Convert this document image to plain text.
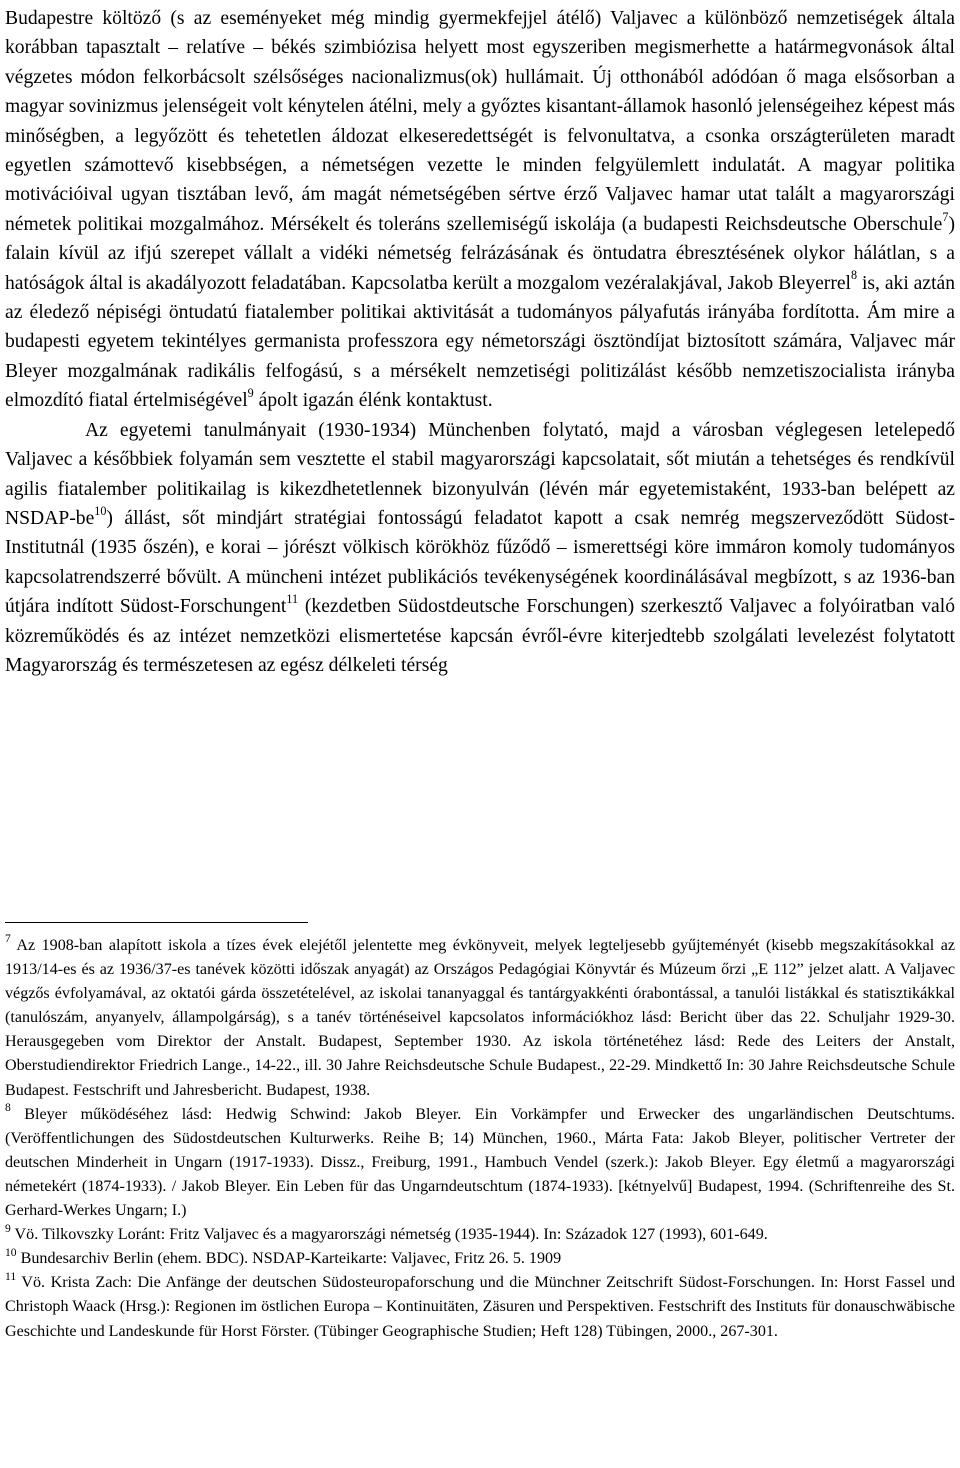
Budapestre költöző (s az eseményeket még mindig gyermekfejjel átélő) Valjavec a különböző nemzetiségek általa korábban tapasztalt – relatíve – békés szimbiózisa helyett most egyszeriben megismerhette a határmegvonások által végzetes módon felkorbácsolt szélsőséges nacionalizmus(ok) hullámait. Új otthonából adódóan ő maga elsősorban a magyar sovinizmus jelenségeit volt kénytelen átélni, mely a győztes kisantant-államok hasonló jelenségeihez képest más minőségben, a legyőzött és tehetetlen áldozat elkeseredettségét is felvonultatva, a csonka országterületen maradt egyetlen számottevő kisebbségen, a németségen vezette le minden felgyülemlett indulatát. A magyar politika motivációival ugyan tisztában levő, ám magát németségében sértve érző Valjavec hamar utat talált a magyarországi németek politikai mozgalmához. Mérsékelt és toleráns szellemiségű iskolája (a budapesti Reichsdeutsche Oberschule$^7$) falain kívül az ifjú szerepet vállalt a vidéki németség felrázásának és öntudatra ébresztésének olykor hálátlan, s a hatóságok által is akadályozott feladatában. Kapcsolatba került a mozgalom vezéralakjával, Jakob Bleyerrel$^8$ is, aki aztán az éledező népiségi öntudatú fiatalember politikai aktivitását a tudományos pályafutás irányába fordította. Ám mire a budapesti egyetem tekintélyes germanista professzora egy németországi ösztöndíjat biztosított számára, Valjavec már Bleyer mozgalmának radikális felfogású, s a mérsékelt nemzetiségi politizálást később nemzetiszocialista irányba elmozdító fiatal értelmiségével$^9$ ápolt igazán élénk kontaktust.

Az egyetemi tanulmányait (1930-1934) Münchenben folytató, majd a városban véglegesen letelepedő Valjavec a későbbiek folyamán sem vesztette el stabil magyarországi kapcsolatait, sőt miután a tehetséges és rendkívül agilis fiatalember politikailag is kikezdhetetlennek bizonyulván (lévén már egyetemistaként, 1933-ban belépett az NSDAP-$be^{10}$) állást, sőt mindjárt stratégiai fontosságú feladatot kapott a csak nemrég megszerveződött Südost-Institutnál (1935 őszén), e korai – jórészt völkisch körökhöz fűződő – ismerettségi köre immáron komoly tudományos kapcsolatrendszerré bővült. A müncheni intézet publikációs tevékenységének koordinálásával megbízott, s az 1936-ban útjára indított Südost-Forschungent$^{11}$ (kezdetben Südostdeutsche Forschungen) szerkesztő Valjavec a folyóiratban való közreműködés és az intézet nemzetközi elismertetése kapcsán évről-évre kiterjedtebb szolgálati levelezést folytatott Magyarország és természetesen az egész délkeleti térség

$^7$ Az 1908-ban alapított iskola a tízes évek elejétől jelentette meg évkönyveit, melyek legteljesebb gyűjteményét (kisebb megszakításokkal az 1913/14-es és az 1936/37-es tanévek közötti időszak anyagát) az Országos Pedagógiai Könyvtár és Múzeum őrzi „E 112” jelzet alatt. A Valjavec végzős évfolyamával, az oktatói gárda összetételével, az iskolai tananyaggal és tantárgyakkénti órabontással, a tanulói listákkal és statisztikákkal (tanulószám, anyanyelv, állampolgárság), s a tanév történéseivel kapcsolatos információkhoz lásd: Bericht über das 22. Schuljahr 1929-30. Herausgegeben vom Direktor der Anstalt. Budapest, September 1930. Az iskola történetéhez lásd: Rede des Leiters der Anstalt, Oberstudiendirektor Friedrich Lange., 14-22., ill. 30 Jahre Reichsdeutsche Schule Budapest., 22-29. Mindkettő In: 30 Jahre Reichsdeutsche Schule Budapest. Festschrift und Jahresbericht. Budapest, 1938.

$^8$ Bleyer működéséhez lásd: Hedwig Schwind: Jakob Bleyer. Ein Vorkämpfer und Erwecker des ungarländischen Deutschtums. (Veröffentlichungen des Südostdeutschen Kulturwerks. Reihe B; 14) München, 1960., Márta Fata: Jakob Bleyer, politischer Vertreter der deutschen Minderheit in Ungarn (1917-1933). Dissz., Freiburg, 1991., Hambuch Vendel (szerk.): Jakob Bleyer. Egy életmű a magyarországi németekért (1874-1933). / Jakob Bleyer. Ein Leben für das Ungarndeutschtum (1874-1933). [kétnyelvű] Budapest, 1994. (Schriftenreihe des St. Gerhard-Werkes Ungarn; I.)

$^9$ Vö. Tilkovszky Loránt: Fritz Valjavec és a magyarországi németség (1935-1944). In: Századok 127 (1993), 601-649.

$^{10}$ Bundesarchiv Berlin (ehem. BDC). NSDAP-Karteikarte: Valjavec, Fritz 26. 5. 1909

$^{11}$ Vö. Krista Zach: Die Anfänge der deutschen Südosteuropaforschung und die Münchner Zeitschrift Südost-Forschungen. In: Horst Fassel und Christoph Waack (Hrsg.): Regionen im östlichen Europa – Kontinuitäten, Zäsuren und Perspektiven. Festschrift des Instituts für donauschwäbische Geschichte und Landeskunde für Horst Förster. (Tübinger Geographische Studien; Heft 128) Tübingen, 2000., 267-301.
